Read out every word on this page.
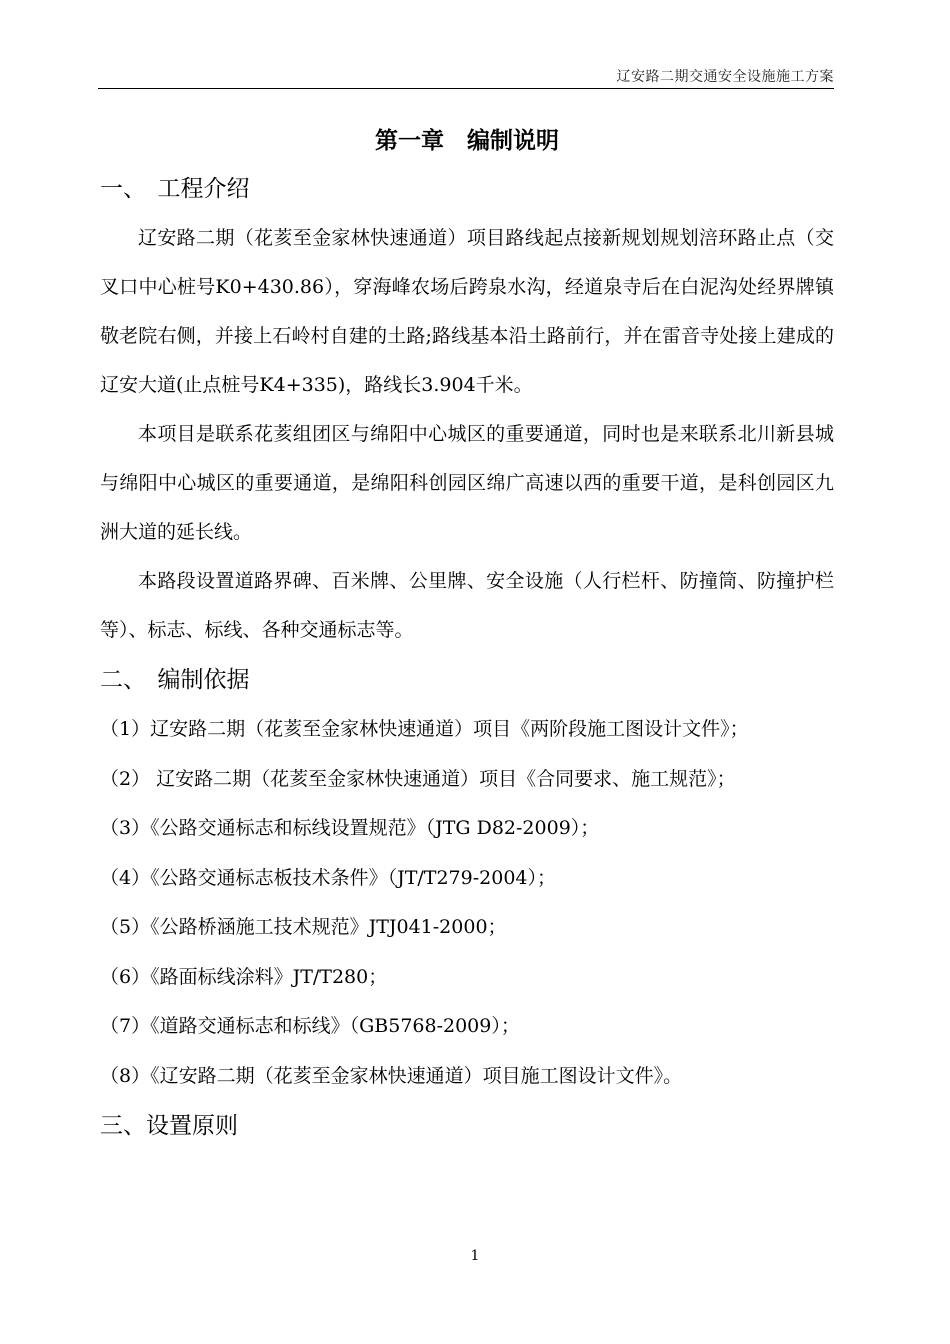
辽安路二期交通安全设施施工方案
第一章　编制说明
一、　工程介绍

辽安路二期（花荄至金家林快速通道）项目路线起点接新规划规划涪环路止点（交叉口中心桩号K0+430.86），穿海峰农场后跨泉水沟，经道泉寺后在白泥沟处经界牌镇敬老院右侧，并接上石岭村自建的土路;路线基本沿土路前行，并在雷音寺处接上建成的辽安大道(止点桩号K4+335)，路线长3.904千米。

本项目是联系花荄组团区与绵阳中心城区的重要通道，同时也是来联系北川新县城与绵阳中心城区的重要通道，是绵阳科创园区绵广高速以西的重要干道，是科创园区九洲大道的延长线。

本路段设置道路界碑、百米牌、公里牌、安全设施（人行栏杆、防撞筒、防撞护栏等）、标志、标线、各种交通标志等。

二、　编制依据
（1）辽安路二期（花荄至金家林快速通道）项目《两阶段施工图设计文件》；
（2） 辽安路二期（花荄至金家林快速通道）项目《合同要求、施工规范》；
（3）《公路交通标志和标线设置规范》（JTG D82-2009）；
（4）《公路交通标志板技术条件》（JT/T279-2004）；
（5）《公路桥涵施工技术规范》JTJ041-2000；
（6）《路面标线涂料》JT/T280；
（7）《道路交通标志和标线》（GB5768-2009）；
（8）《辽安路二期（花荄至金家林快速通道）项目施工图设计文件》。
三、设置原则
1
